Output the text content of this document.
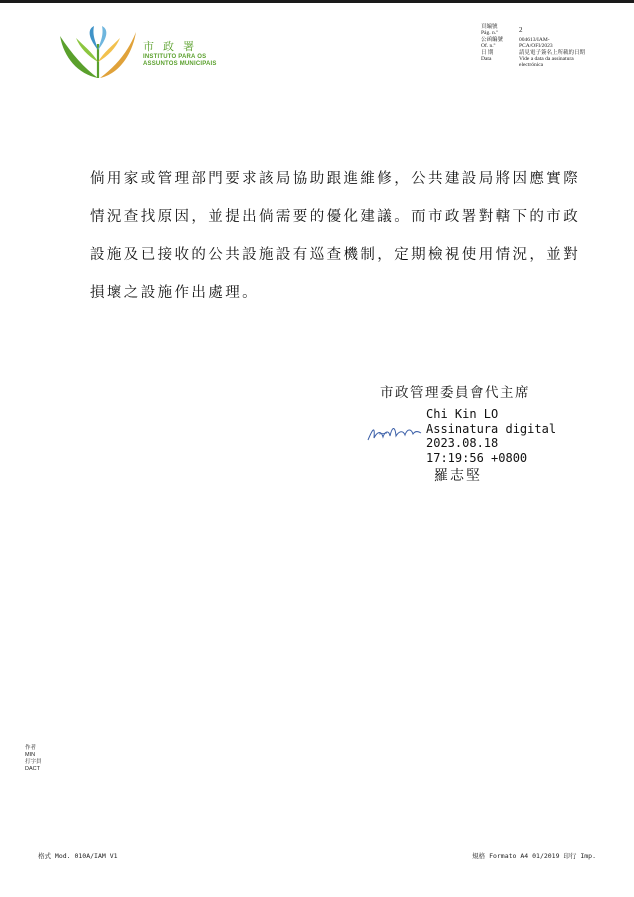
市 政 署
INSTITUTO PARA OS
ASSUNTOS MUNICIPAIS
頁編號
Pág. n.º	2
公函編號
Of. n.º
004613/IAM-PCA/OFI/2023
日 期
Data
請見電子簽名上所載的日期
Vide a data da assinatura electrónica
倘用家或管理部門要求該局協助跟進維修，公共建設局將因應實際情況查找原因，並提出倘需要的優化建議。而市政署對轄下的市政設施及已接收的公共設施設有巡查機制，定期檢視使用情況，並對損壞之設施作出處理。
市政管理委員會代主席
Chi Kin LO
Assinatura digital
2023.08.18
17:19:56 +0800
羅志堅
作者
MIN
打字員
DACT
格式 Mod. 010A/IAM V1	規格 Formato A4 01/2019 印行 Imp.
